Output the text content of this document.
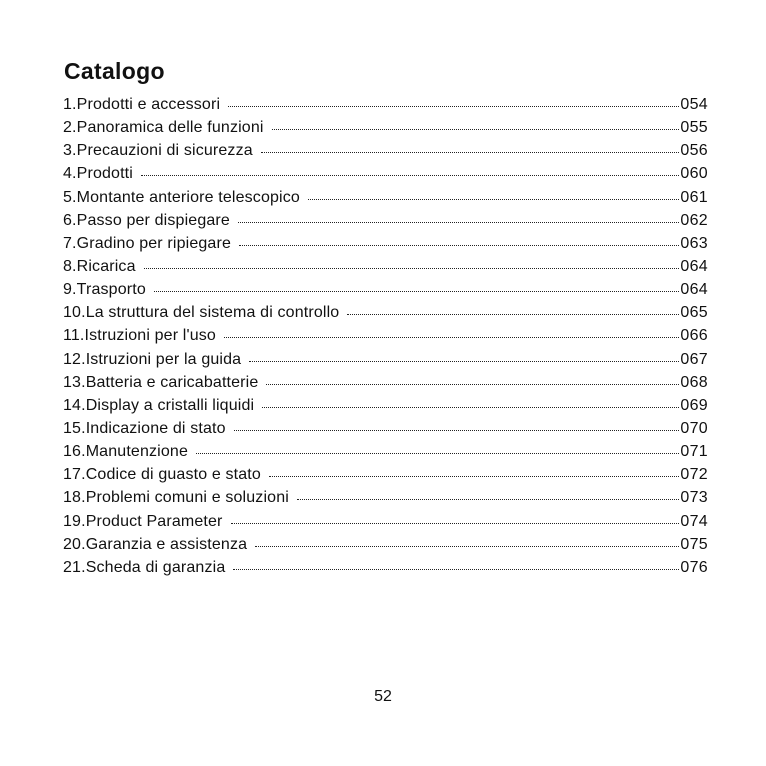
Catalogo
1.Prodotti e accessori	054
2.Panoramica delle funzioni	055
3.Precauzioni di sicurezza	056
4.Prodotti	060
5.Montante anteriore telescopico	061
6.Passo per dispiegare	062
7.Gradino per ripiegare	063
8.Ricarica	064
9.Trasporto	064
10.La struttura del sistema di controllo	065
11.Istruzioni per l'uso	066
12.Istruzioni per la guida	067
13.Batteria e caricabatterie	068
14.Display a cristalli liquidi	069
15.Indicazione di stato	070
16.Manutenzione	071
17.Codice di guasto e stato	072
18.Problemi comuni e soluzioni	073
19.Product Parameter	074
20.Garanzia e assistenza	075
21.Scheda di garanzia	076
52
